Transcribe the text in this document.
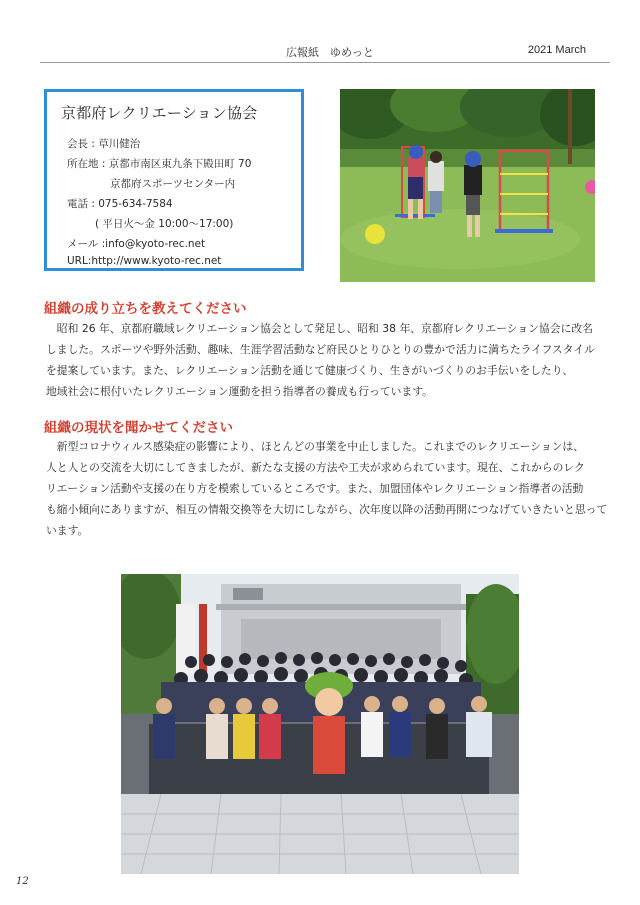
広報紙　ゆめっと	2021 March
京都府レクリエーション協会
会長 : 草川健治
所在地 : 京都市南区東九条下殿田町 70
京都府スポーツセンター内
電話 : 075-634-7584
( 平日火～金 10:00～17:00)
メール :info@kyoto-rec.net
URL:http://www.kyoto-rec.net
組織の成り立ちを教えてください
　昭和 26 年、京都府職域レクリエーション協会として発足し、昭和 38 年、京都府レクリエーション協会に改名
しました。スポーツや野外活動、趣味、生涯学習活動など府民ひとりひとりの豊かで活力に満ちたライフスタイル
を提案しています。また、レクリエーション活動を通じて健康づくり、生きがいづくりのお手伝いをしたり、
地域社会に根付いたレクリエーション運動を担う指導者の養成も行っています。
組織の現状を聞かせてください
　新型コロナウィルス感染症の影響により、ほとんどの事業を中止しました。これまでのレクリエーションは、
人と人との交流を大切にしてきましたが、新たな支援の方法や工夫が求められています。現在、これからのレク
リエーション活動や支援の在り方を模索しているところです。また、加盟団体やレクリエーション指導者の活動
も縮小傾向にありますが、相互の情報交換等を大切にしながら、次年度以降の活動再開につなげていきたいと思って
います。
12
